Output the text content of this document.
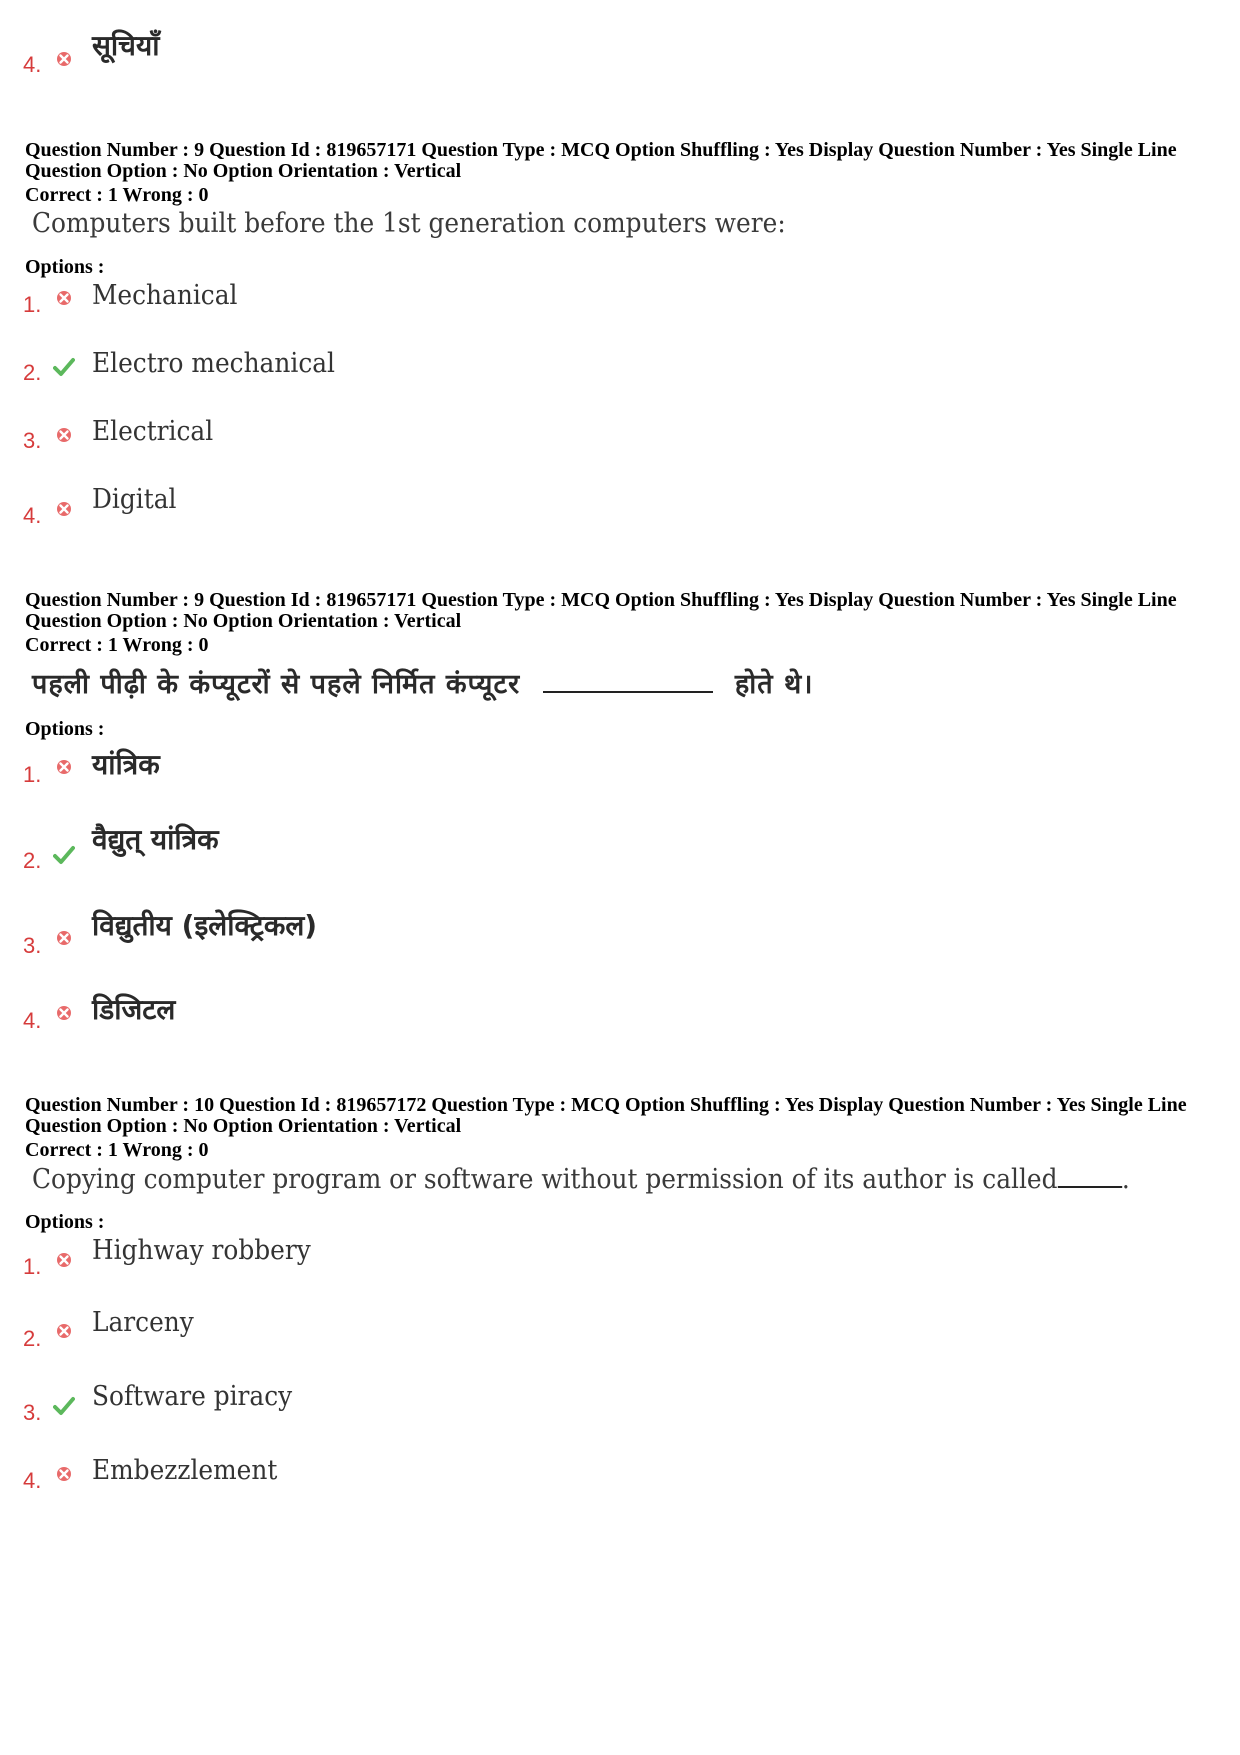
4.
सूचियाँ
Question Number : 9 Question Id : 819657171 Question Type : MCQ Option Shuffling : Yes Display Question Number : Yes Single Line Question Option : No Option Orientation : Vertical
Correct : 1 Wrong : 0
Computers built before the 1st generation computers were:
Options :
1. Mechanical
2. Electro mechanical
3. Electrical
4.
Digital
Question Number : 9 Question Id : 819657171 Question Type : MCQ Option Shuffling : Yes Display Question Number : Yes Single Line Question Option : No Option Orientation : Vertical
Correct : 1 Wrong : 0
पहली पीढ़ी के कंप्यूटरों से पहले निर्मित कंप्यूटर	होते थे।
Options :
1. यांत्रिक
2.
वैद्युत् यांत्रिक
3.
विद्युतीय (इलेक्ट्रिकल)
4. डिजिटल
Question Number : 10 Question Id : 819657172 Question Type : MCQ Option Shuffling : Yes Display Question Number : Yes Single Line Question Option : No Option Orientation : Vertical
Correct : 1 Wrong : 0
Copying computer program or software without permission of its author is called .
Options :
1.
Highway robbery
2.
Larceny
3.
Software piracy
4. Embezzlement
